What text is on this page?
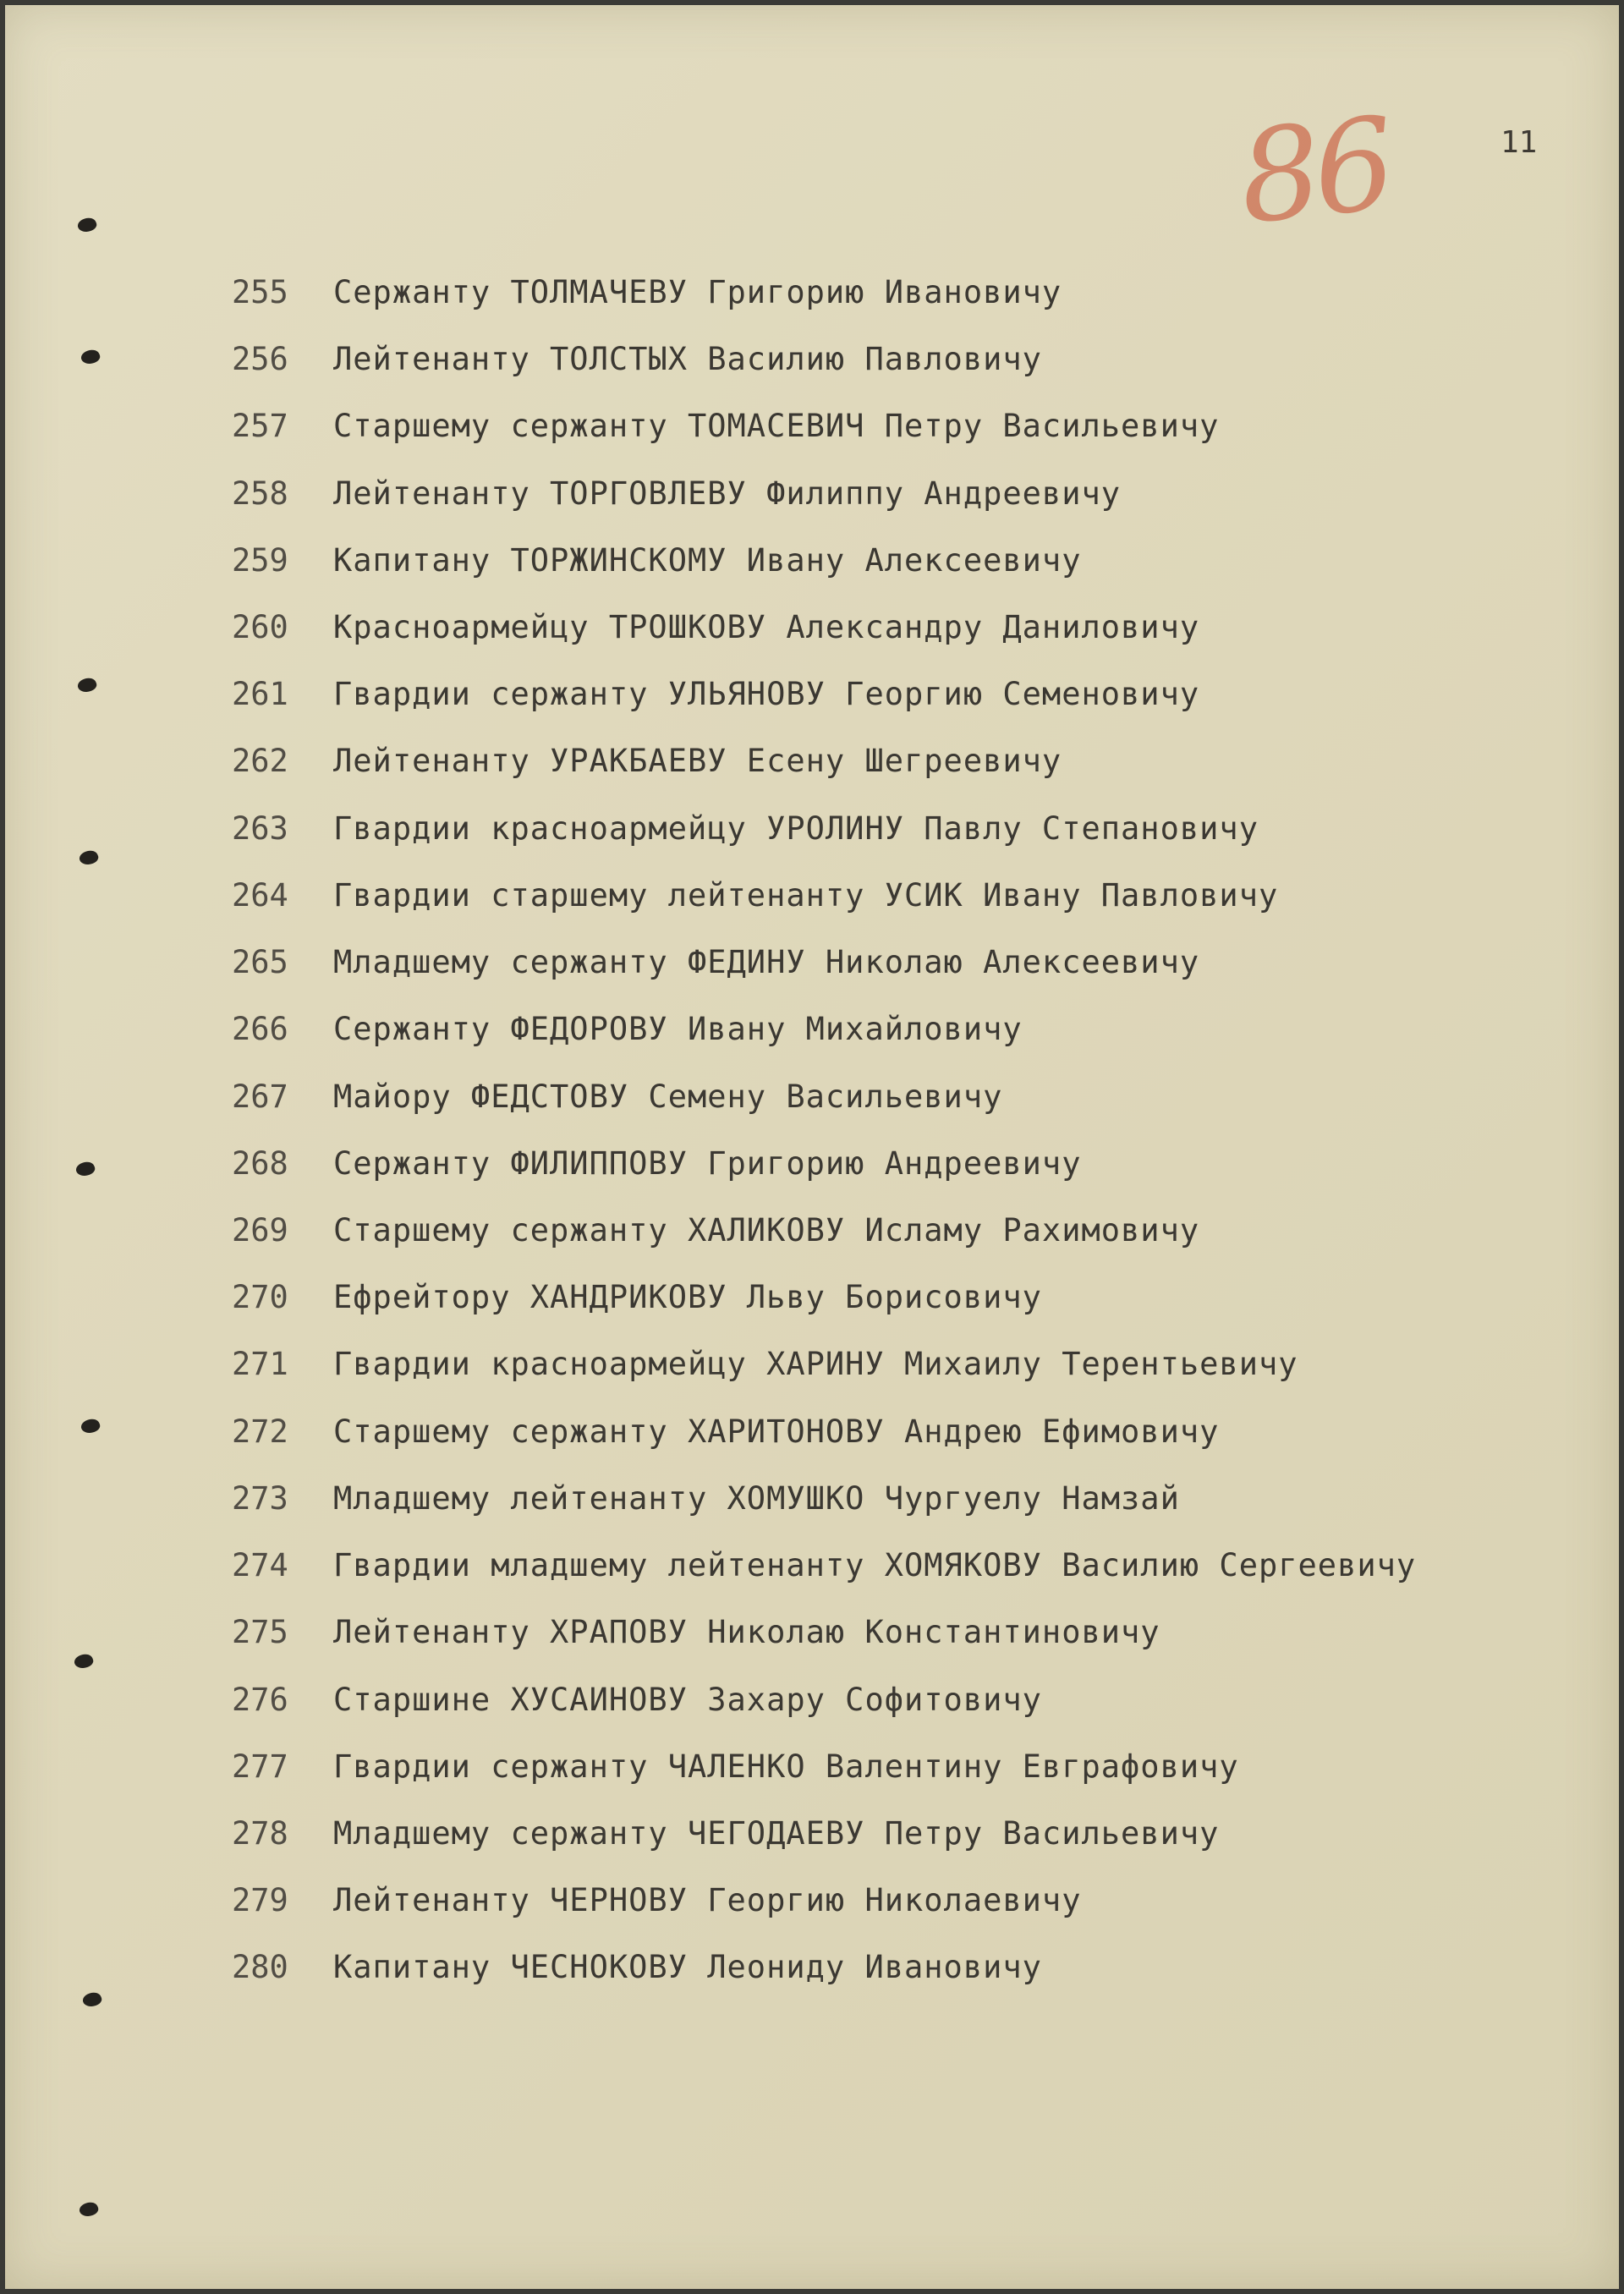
86	11
255 Сержанту ТОЛМАЧЕВУ Григорию Ивановичу
256 Лейтенанту ТОЛСТЫХ Василию Павловичу
257 Старшему сержанту ТОМАСЕВИЧ Петру Васильевичу
258 Лейтенанту ТОРГОВЛЕВУ Филиппу Андреевичу
259 Капитану ТОРЖИНСКОМУ Ивану Алексеевичу
260 Красноармейцу ТРОШКОВУ Александру Даниловичу
261 Гвардии сержанту УЛЬЯНОВУ Георгию Семеновичу
262 Лейтенанту УРАКБАЕВУ Есену Шегреевичу
263 Гвардии красноармейцу УРОЛИНУ Павлу Степановичу
264 Гвардии старшему лейтенанту УСИК Ивану Павловичу
265 Младшему сержанту ФЕДИНУ Николаю Алексеевичу
266 Сержанту ФЕДОРОВУ Ивану Михайловичу
267 Майору ФЕДСТОВУ Семену Васильевичу
268 Сержанту ФИЛИППОВУ Григорию Андреевичу
269 Старшему сержанту ХАЛИКОВУ Исламу Рахимовичу
270 Ефрейтору ХАНДРИКОВУ Льву Борисовичу
271 Гвардии красноармейцу ХАРИНУ Михаилу Терентьевичу
272 Старшему сержанту ХАРИТОНОВУ Андрею Ефимовичу
273 Младшему лейтенанту ХОМУШКО Чургуелу Намзай
274 Гвардии младшему лейтенанту ХОМЯКОВУ Василию Сергеевичу
275 Лейтенанту ХРАПОВУ Николаю Константиновичу
276 Старшине ХУСАИНОВУ Захару Софитовичу
277 Гвардии сержанту ЧАЛЕНКО Валентину Евграфовичу
278 Младшему сержанту ЧЕГОДАЕВУ Петру Васильевичу
279 Лейтенанту ЧЕРНОВУ Георгию Николаевичу
280 Капитану ЧЕСНОКОВУ Леониду Ивановичу
